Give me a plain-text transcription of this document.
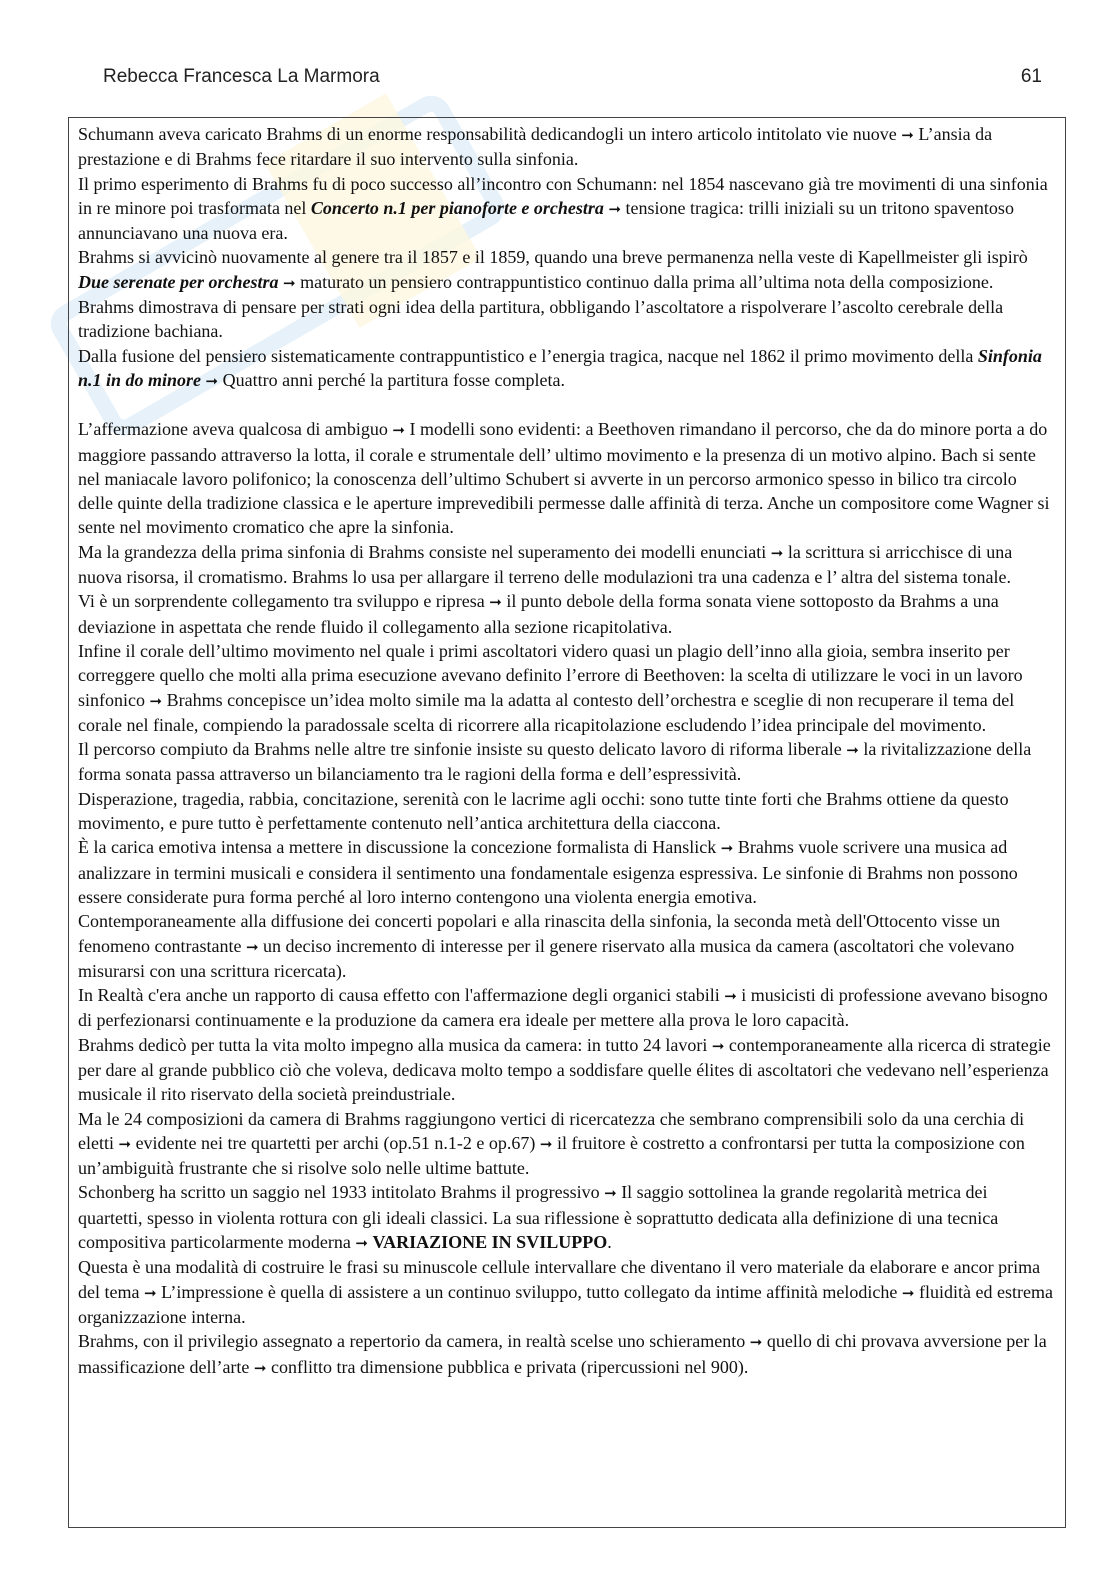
Rebecca Francesca La Marmora	61

Schumann aveva caricato Brahms di un enorme responsabilità dedicandogli un intero articolo intitolato vie nuove ➞ L’ansia da prestazione e di Brahms fece ritardare il suo intervento sulla sinfonia.

Il primo esperimento di Brahms fu di poco successo all’incontro con Schumann: nel 1854 nascevano già tre movimenti di una sinfonia in re minore poi trasformata nel Concerto n.1 per pianoforte e orchestra ➞ tensione tragica: trilli iniziali su un tritono spaventoso annunciavano una nuova era.

Brahms si avvicinò nuovamente al genere tra il 1857 e il 1859, quando una breve permanenza nella veste di Kapellmeister gli ispirò Due serenate per orchestra ➞ maturato un pensiero contrappuntistico continuo dalla prima all’ultima nota della composizione.

Brahms dimostrava di pensare per strati ogni idea della partitura, obbligando l’ascoltatore a rispolverare l’ascolto cerebrale della tradizione bachiana.

Dalla fusione del pensiero sistematicamente contrappuntistico e l’energia tragica, nacque nel 1862 il primo movimento della Sinfonia n.1 in do minore ➞ Quattro anni perché la partitura fosse completa.

L’affermazione aveva qualcosa di ambiguo ➞ I modelli sono evidenti: a Beethoven rimandano il percorso, che da do minore porta a do maggiore passando attraverso la lotta, il corale e strumentale dell’ ultimo movimento e la presenza di un motivo alpino. Bach si sente nel maniacale lavoro polifonico; la conoscenza dell’ultimo Schubert si avverte in un percorso armonico spesso in bilico tra circolo delle quinte della tradizione classica e le aperture imprevedibili permesse dalle affinità di terza. Anche un compositore come Wagner si sente nel movimento cromatico che apre la sinfonia.

Ma la grandezza della prima sinfonia di Brahms consiste nel superamento dei modelli enunciati ➞ la scrittura si arricchisce di una nuova risorsa, il cromatismo. Brahms lo usa per allargare il terreno delle modulazioni tra una cadenza e l’ altra del sistema tonale.

Vi è un sorprendente collegamento tra sviluppo e ripresa ➞ il punto debole della forma sonata viene sottoposto da Brahms a una deviazione in aspettata che rende fluido il collegamento alla sezione ricapitolativa.

Infine il corale dell’ultimo movimento nel quale i primi ascoltatori videro quasi un plagio dell’inno alla gioia, sembra inserito per correggere quello che molti alla prima esecuzione avevano definito l’errore di Beethoven: la scelta di utilizzare le voci in un lavoro sinfonico ➞ Brahms concepisce un’idea molto simile ma la adatta al contesto dell’orchestra e sceglie di non recuperare il tema del corale nel finale, compiendo la paradossale scelta di ricorrere alla ricapitolazione escludendo l’idea principale del movimento.

Il percorso compiuto da Brahms nelle altre tre sinfonie insiste su questo delicato lavoro di riforma liberale ➞ la rivitalizzazione della forma sonata passa attraverso un bilanciamento tra le ragioni della forma e dell’espressività.

Disperazione, tragedia, rabbia, concitazione, serenità con le lacrime agli occhi: sono tutte tinte forti che Brahms ottiene da questo movimento, e pure tutto è perfettamente contenuto nell’antica architettura della ciaccona.

È la carica emotiva intensa a mettere in discussione la concezione formalista di Hanslick ➞ Brahms vuole scrivere una musica ad analizzare in termini musicali e considera il sentimento una fondamentale esigenza espressiva. Le sinfonie di Brahms non possono essere considerate pura forma perché al loro interno contengono una violenta energia emotiva.

Contemporaneamente alla diffusione dei concerti popolari e alla rinascita della sinfonia, la seconda metà dell'Ottocento visse un fenomeno contrastante ➞ un deciso incremento di interesse per il genere riservato alla musica da camera (ascoltatori che volevano misurarsi con una scrittura ricercata).

In Realtà c'era anche un rapporto di causa effetto con l'affermazione degli organici stabili ➞ i musicisti di professione avevano bisogno di perfezionarsi continuamente e la produzione da camera era ideale per mettere alla prova le loro capacità.

Brahms dedicò per tutta la vita molto impegno alla musica da camera: in tutto 24 lavori ➞ contemporaneamente alla ricerca di strategie per dare al grande pubblico ciò che voleva, dedicava molto tempo a soddisfare quelle élites di ascoltatori che vedevano nell’esperienza musicale il rito riservato della società preindustriale.

Ma le 24 composizioni da camera di Brahms raggiungono vertici di ricercatezza che sembrano comprensibili solo da una cerchia di eletti ➞ evidente nei tre quartetti per archi (op.51 n.1-2 e op.67) ➞ il fruitore è costretto a confrontarsi per tutta la composizione con un’ambiguità frustrante che si risolve solo nelle ultime battute.

Schonberg ha scritto un saggio nel 1933 intitolato Brahms il progressivo ➞ Il saggio sottolinea la grande regolarità metrica dei quartetti, spesso in violenta rottura con gli ideali classici. La sua riflessione è soprattutto dedicata alla definizione di una tecnica compositiva particolarmente moderna ➞ VARIAZIONE IN SVILUPPO.

Questa è una modalità di costruire le frasi su minuscole cellule intervallare che diventano il vero materiale da elaborare e ancor prima del tema ➞ L’impressione è quella di assistere a un continuo sviluppo, tutto collegato da intime affinità melodiche ➞ fluidità ed estrema organizzazione interna.

Brahms, con il privilegio assegnato a repertorio da camera, in realtà scelse uno schieramento ➞ quello di chi provava avversione per la massificazione dell’arte ➞ conflitto tra dimensione pubblica e privata (ripercussioni nel 900).
